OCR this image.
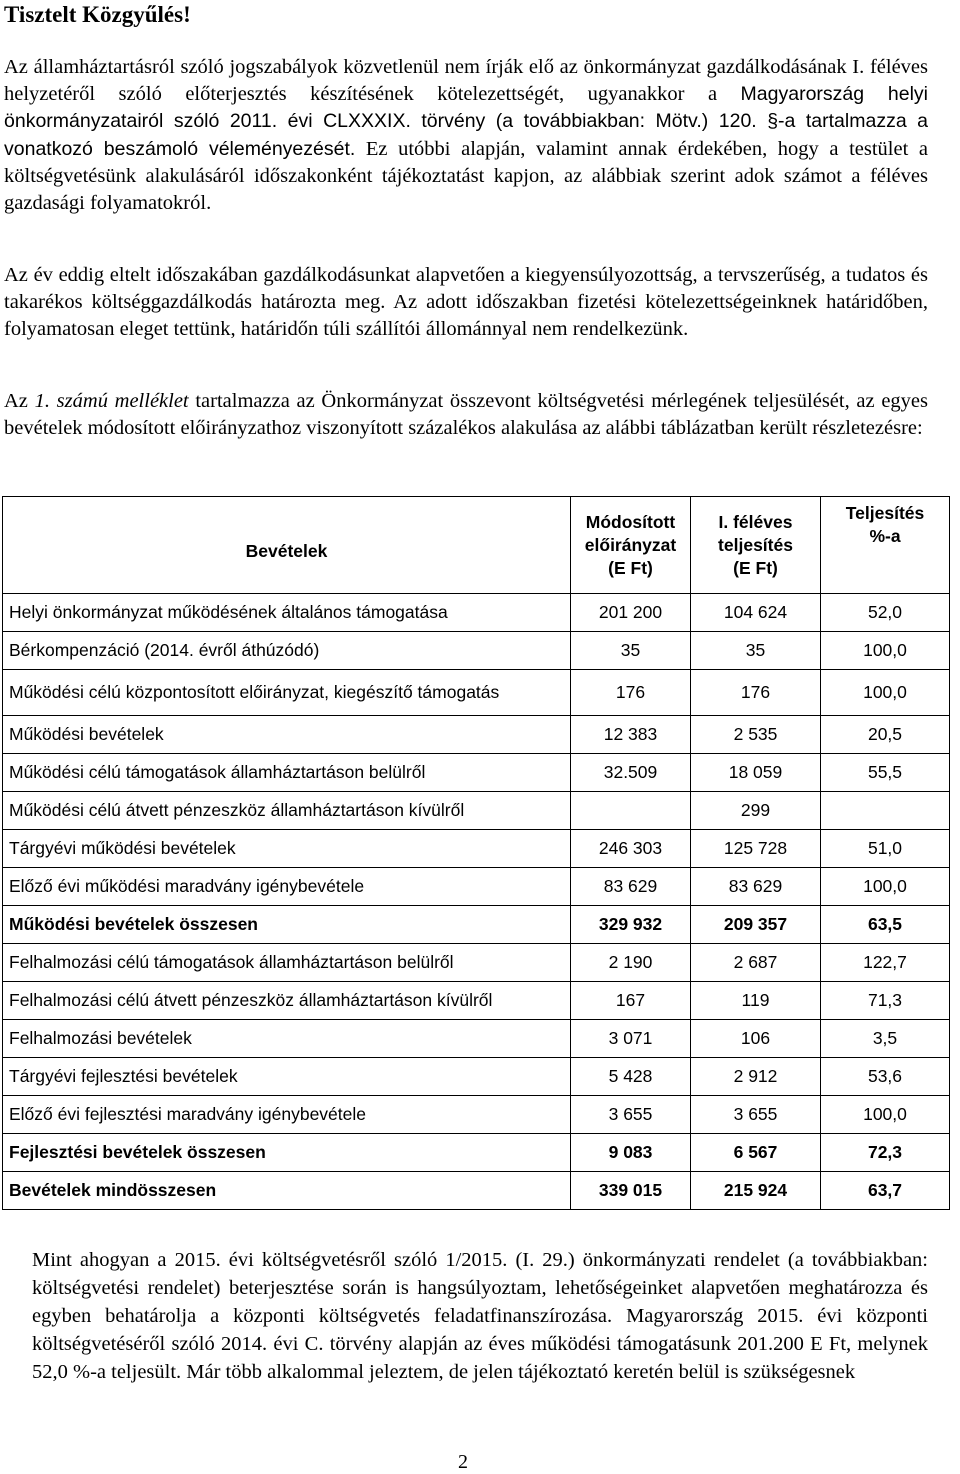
Tisztelt Közgyűlés!

Az államháztartásról szóló jogszabályok közvetlenül nem írják elő az önkormányzat gazdálkodásának I. féléves helyzetéről szóló előterjesztés készítésének kötelezettségét, ugyanakkor a Magyarország helyi önkormányzatairól szóló 2011. évi CLXXXIX. törvény (a továbbiakban: Mötv.) 120. §-a tartalmazza a vonatkozó beszámoló véleményezését. Ez utóbbi alapján, valamint annak érdekében, hogy a testület a költségvetésünk alakulásáról időszakonként tájékoztatást kapjon, az alábbiak szerint adok számot a féléves gazdasági folyamatokról.

Az év eddig eltelt időszakában gazdálkodásunkat alapvetően a kiegyensúlyozottság, a tervszerűség, a tudatos és takarékos költséggazdálkodás határozta meg. Az adott időszakban fizetési kötelezettségeinknek határidőben, folyamatosan eleget tettünk, határidőn túli szállítói állománnyal nem rendelkezünk.

Az 1. számú melléklet tartalmazza az Önkormányzat összevont költségvetési mérlegének teljesülését, az egyes bevételek módosított előirányzathoz viszonyított százalékos alakulása az alábbi táblázatban került részletezésre:

Bevételek	Módosított
előirányzat
(E Ft)	I. féléves
teljesítés
(E Ft)	Teljesítés
%-a
Helyi önkormányzat működésének általános támogatása	201 200	104 624	52,0
Bérkompenzáció (2014. évről áthúzódó)	35	35	100,0
Működési célú központosított előirányzat, kiegészítő támogatás	176	176	100,0
Működési bevételek	12 383	2 535	20,5
Működési célú támogatások államháztartáson belülről	32.509	18 059	55,5
Működési célú átvett pénzeszköz államháztartáson kívülről		299	
Tárgyévi működési bevételek	246 303	125 728	51,0
Előző évi működési maradvány igénybevétele	83 629	83 629	100,0
Működési bevételek összesen	329 932	209 357	63,5
Felhalmozási célú támogatások államháztartáson belülről	2 190	2 687	122,7
Felhalmozási célú átvett pénzeszköz államháztartáson kívülről	167	119	71,3
Felhalmozási bevételek	3 071	106	3,5
Tárgyévi fejlesztési bevételek	5 428	2 912	53,6
Előző évi fejlesztési maradvány igénybevétele	3 655	3 655	100,0
Fejlesztési bevételek összesen	9 083	6 567	72,3
Bevételek mindösszesen	339 015	215 924	63,7

Mint ahogyan a 2015. évi költségvetésről szóló 1/2015. (I. 29.) önkormányzati rendelet (a továbbiakban: költségvetési rendelet) beterjesztése során is hangsúlyoztam, lehetőségeinket alapvetően meghatározza és egyben behatárolja a központi költségvetés feladatfinanszírozása. Magyarország 2015. évi központi költségvetéséről szóló 2014. évi C. törvény alapján az éves működési támogatásunk 201.200 E Ft, melynek 52,0 %-a teljesült. Már több alkalommal jeleztem, de jelen tájékoztató keretén belül is szükségesnek

2
